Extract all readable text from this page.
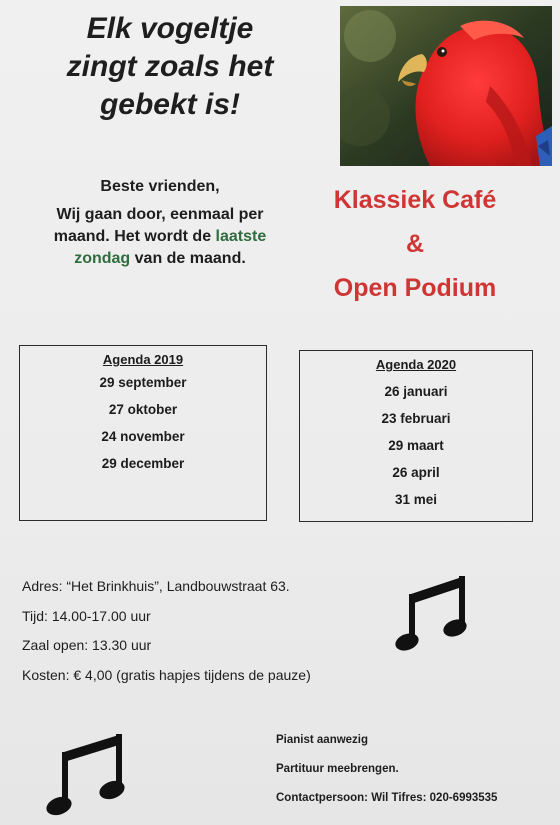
Elk vogeltje
zingt zoals het
gebekt is!
Beste vrienden,
Wij gaan door, eenmaal per maand. Het wordt de laatste zondag van de maand.
Klassiek Café
&
Open Podium
Agenda 2019
29 september
27 oktober
24 november
29 december
Agenda 2020
26 januari
23 februari
29 maart
26 april
31 mei
Adres: “Het Brinkhuis”, Landbouwstraat 63.
Tijd: 14.00-17.00 uur
Zaal open: 13.30 uur
Kosten: € 4,00 (gratis hapjes tijdens de pauze)
Pianist aanwezig
Partituur meebrengen.
Contactpersoon: Wil Tifres: 020-6993535
